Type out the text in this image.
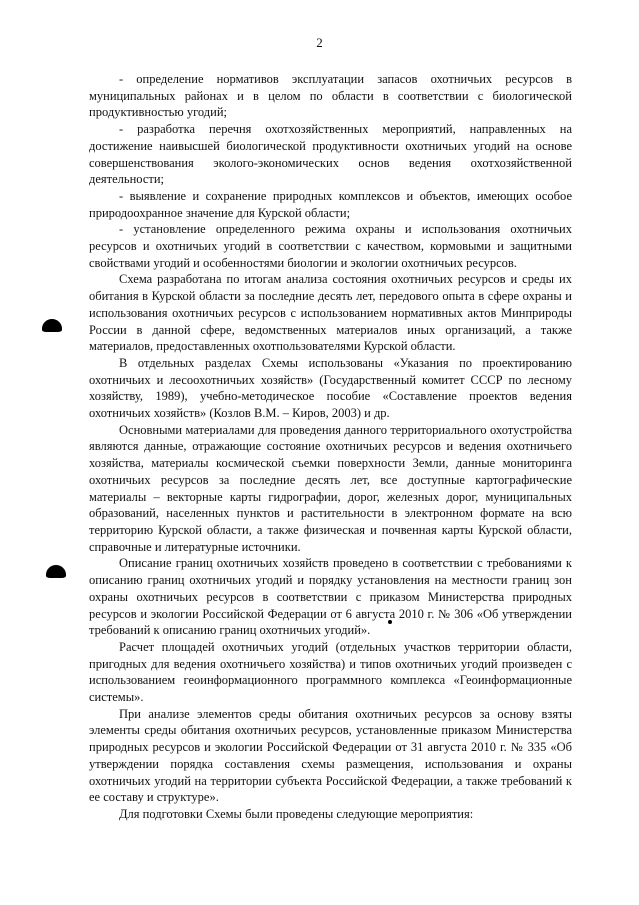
2

- определение нормативов эксплуатации запасов охотничьих ресурсов в муниципальных районах и в целом по области в соответствии с биологической продуктивностью угодий;

- разработка перечня охотхозяйственных мероприятий, направленных на достижение наивысшей биологической продуктивности охотничьих угодий на основе совершенствования эколого-экономических основ ведения охотхозяйственной деятельности;

- выявление и сохранение природных комплексов и объектов, имеющих особое природоохранное значение для Курской области;

- установление определенного режима охраны и использования охотничьих ресурсов и охотничьих угодий в соответствии с качеством, кормовыми и защитными свойствами угодий и особенностями биологии и экологии охотничьих ресурсов.

Схема разработана по итогам анализа состояния охотничьих ресурсов и среды их обитания в Курской области за последние десять лет, передового опыта в сфере охраны и использования охотничьих ресурсов с использованием нормативных актов Минприроды России в данной сфере, ведомственных материалов иных организаций, а также материалов, предоставленных охотпользователями Курской области.

В отдельных разделах Схемы использованы «Указания по проектированию охотничьих и лесоохотничьих хозяйств» (Государственный комитет СССР по лесному хозяйству, 1989), учебно-методическое пособие «Составление проектов ведения охотничьих хозяйств» (Козлов В.М. – Киров, 2003) и др.

Основными материалами для проведения данного территориального охотустройства являются данные, отражающие состояние охотничьих ресурсов и ведения охотничьего хозяйства, материалы космической съемки поверхности Земли, данные мониторинга охотничьих ресурсов за последние десять лет, все доступные картографические материалы – векторные карты гидрографии, дорог, железных дорог, муниципальных образований, населенных пунктов и растительности в электронном формате на всю территорию Курской области, а также физическая и почвенная карты Курской области, справочные и литературные источники.

Описание границ охотничьих хозяйств проведено в соответствии с требованиями к описанию границ охотничьих угодий и порядку установления на местности границ зон охраны охотничьих ресурсов в соответствии с приказом Министерства природных ресурсов и экологии Российской Федерации от 6 августа 2010 г. № 306 «Об утверждении требований к описанию границ охотничьих угодий».

Расчет площадей охотничьих угодий (отдельных участков территории области, пригодных для ведения охотничьего хозяйства) и типов охотничьих угодий произведен с использованием геоинформационного программного комплекса «Геоинформационные системы».

При анализе элементов среды обитания охотничьих ресурсов за основу взяты элементы среды обитания охотничьих ресурсов, установленные приказом Министерства природных ресурсов и экологии Российской Федерации от 31 августа 2010 г. № 335 «Об утверждении порядка составления схемы размещения, использования и охраны охотничьих угодий на территории субъекта Российской Федерации, а также требований к ее составу и структуре».

Для подготовки Схемы были проведены следующие мероприятия:
